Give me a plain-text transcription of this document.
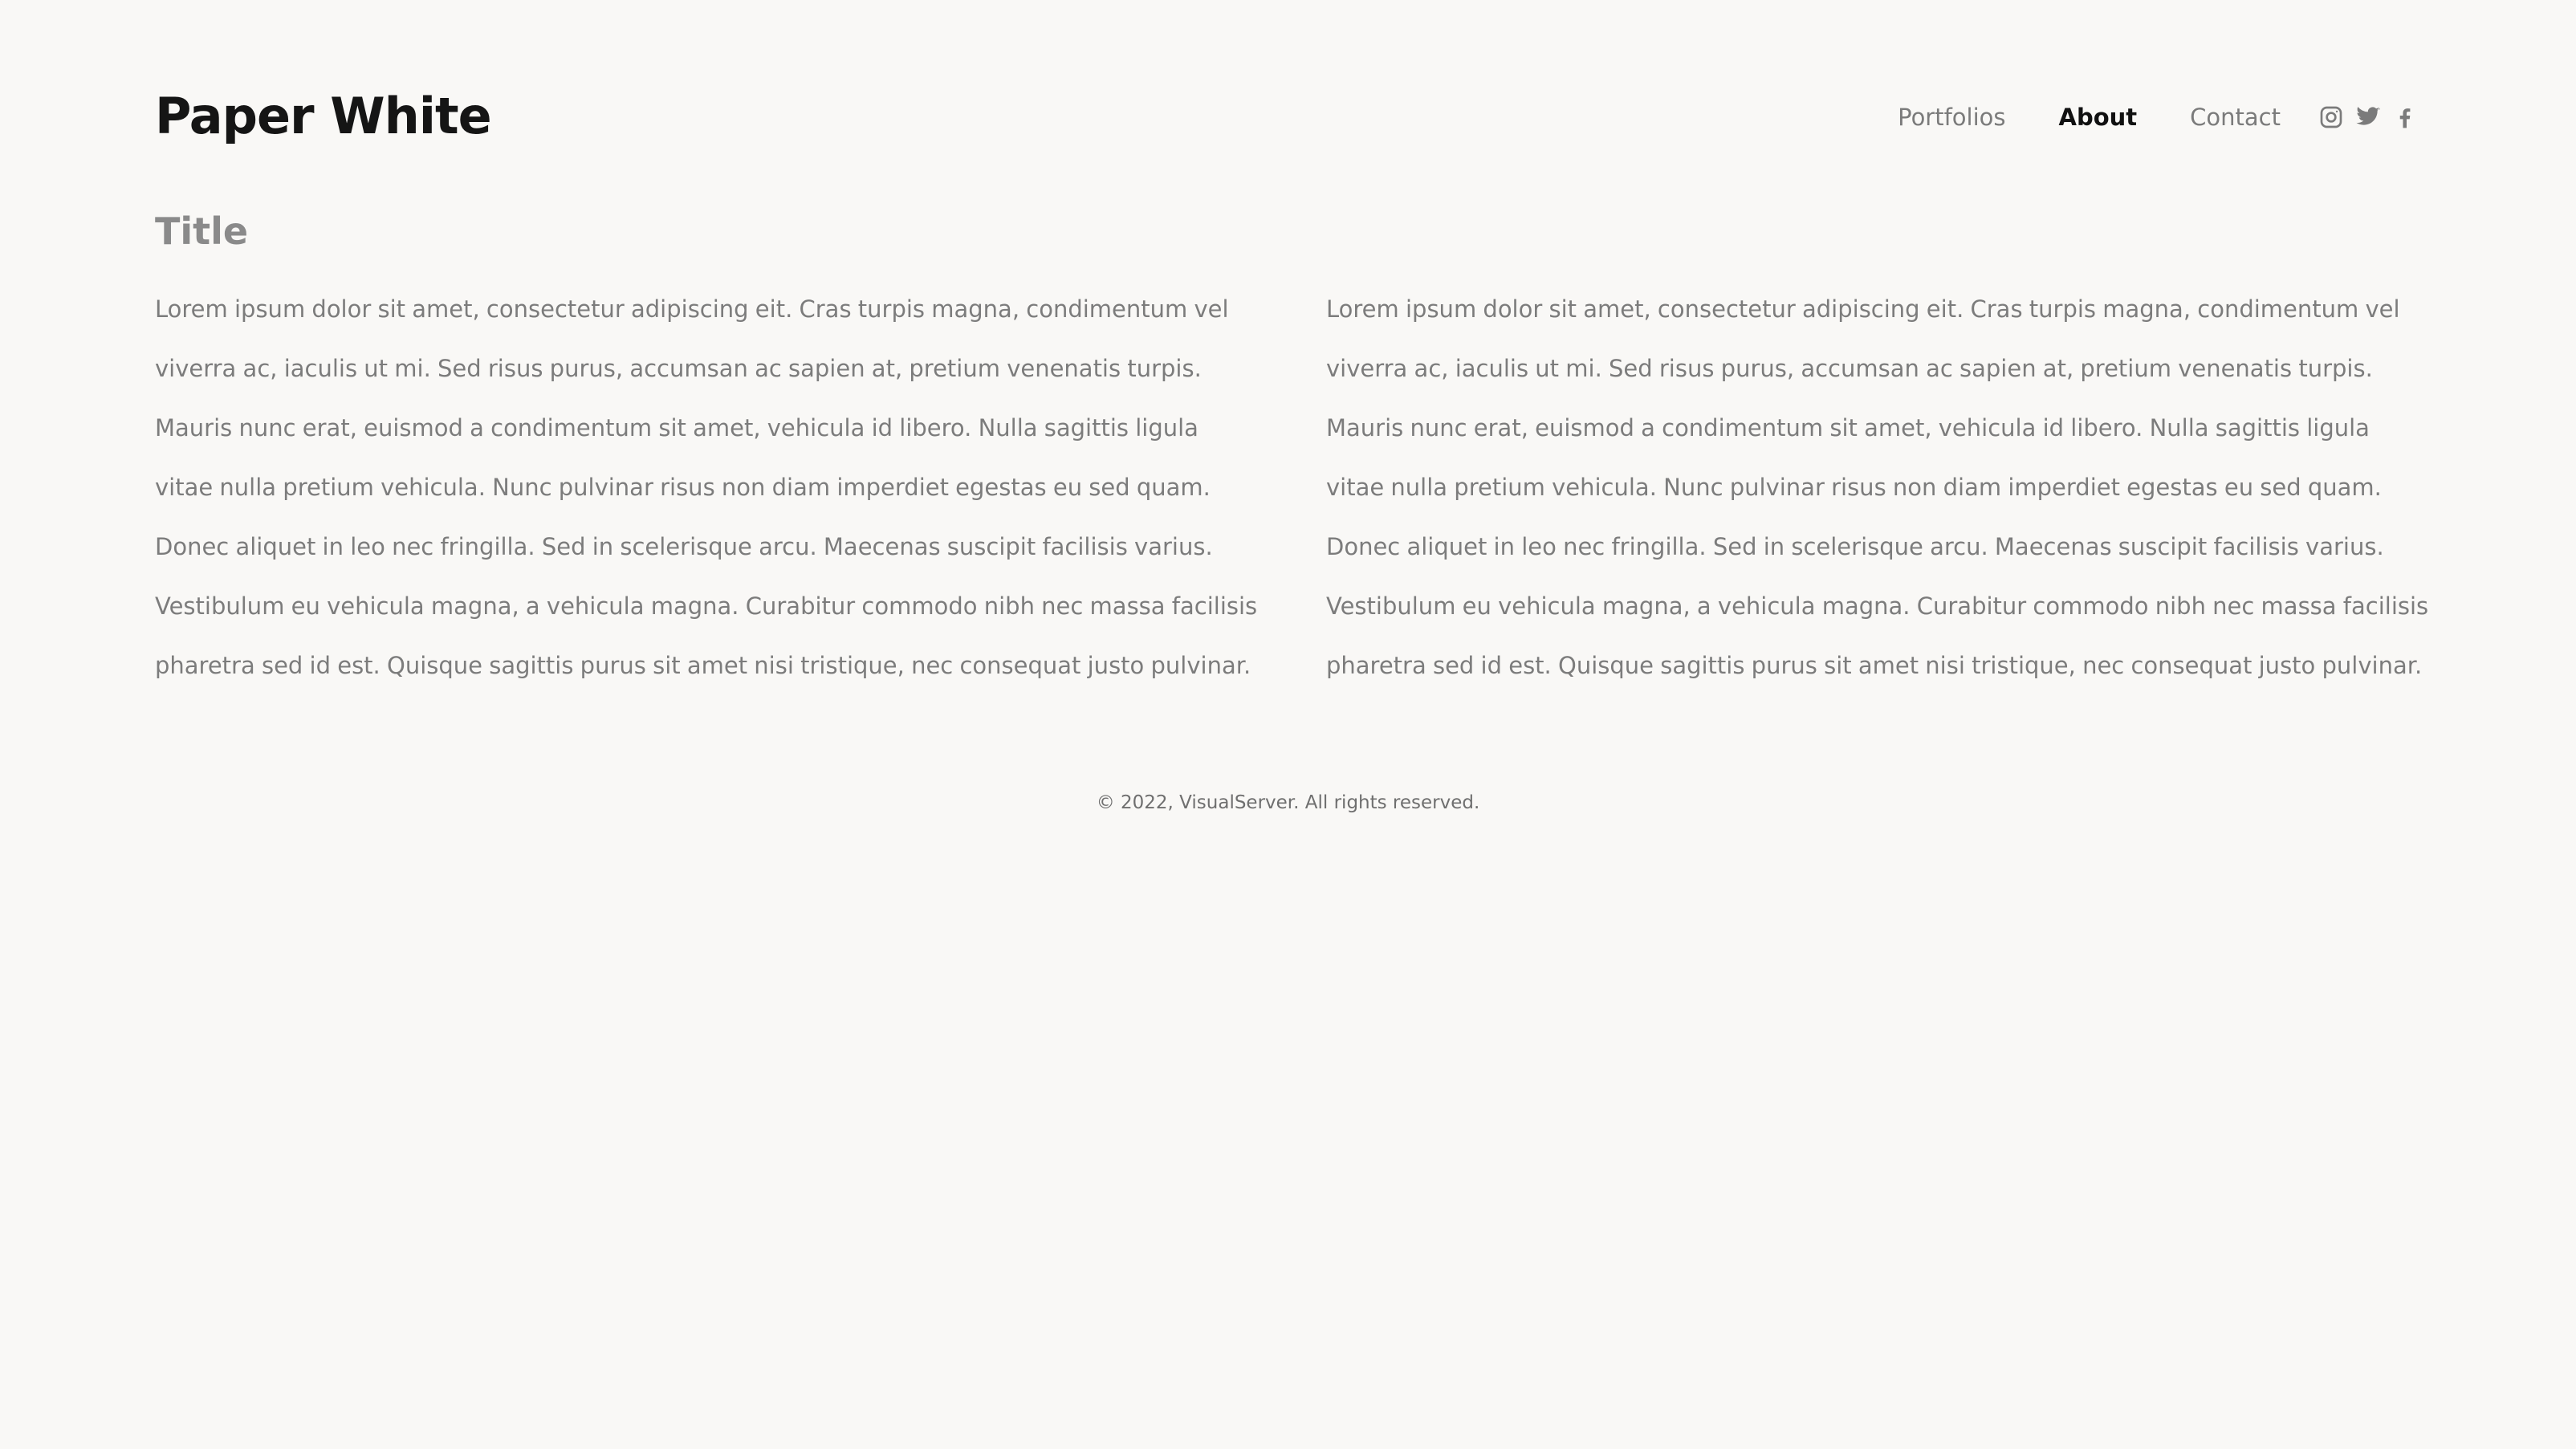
Paper White	Portfolios About Contact
Title

Lorem ipsum dolor sit amet, consectetur adipiscing eit. Cras turpis magna, condimentum vel viverra ac, iaculis ut mi. Sed risus purus, accumsan ac sapien at, pretium venenatis turpis. Mauris nunc erat, euismod a condimentum sit amet, vehicula id libero. Nulla sagittis ligula vitae nulla pretium vehicula. Nunc pulvinar risus non diam imperdiet egestas eu sed quam. Donec aliquet in leo nec fringilla. Sed in scelerisque arcu. Maecenas suscipit facilisis varius. Vestibulum eu vehicula magna, a vehicula magna. Curabitur commodo nibh nec massa facilisis pharetra sed id est. Quisque sagittis purus sit amet nisi tristique, nec consequat justo pulvinar.

Lorem ipsum dolor sit amet, consectetur adipiscing eit. Cras turpis magna, condimentum vel viverra ac, iaculis ut mi. Sed risus purus, accumsan ac sapien at, pretium venenatis turpis. Mauris nunc erat, euismod a condimentum sit amet, vehicula id libero. Nulla sagittis ligula vitae nulla pretium vehicula. Nunc pulvinar risus non diam imperdiet egestas eu sed quam. Donec aliquet in leo nec fringilla. Sed in scelerisque arcu. Maecenas suscipit facilisis varius. Vestibulum eu vehicula magna, a vehicula magna. Curabitur commodo nibh nec massa facilisis pharetra sed id est. Quisque sagittis purus sit amet nisi tristique, nec consequat justo pulvinar.

© 2022, VisualServer. All rights reserved.
